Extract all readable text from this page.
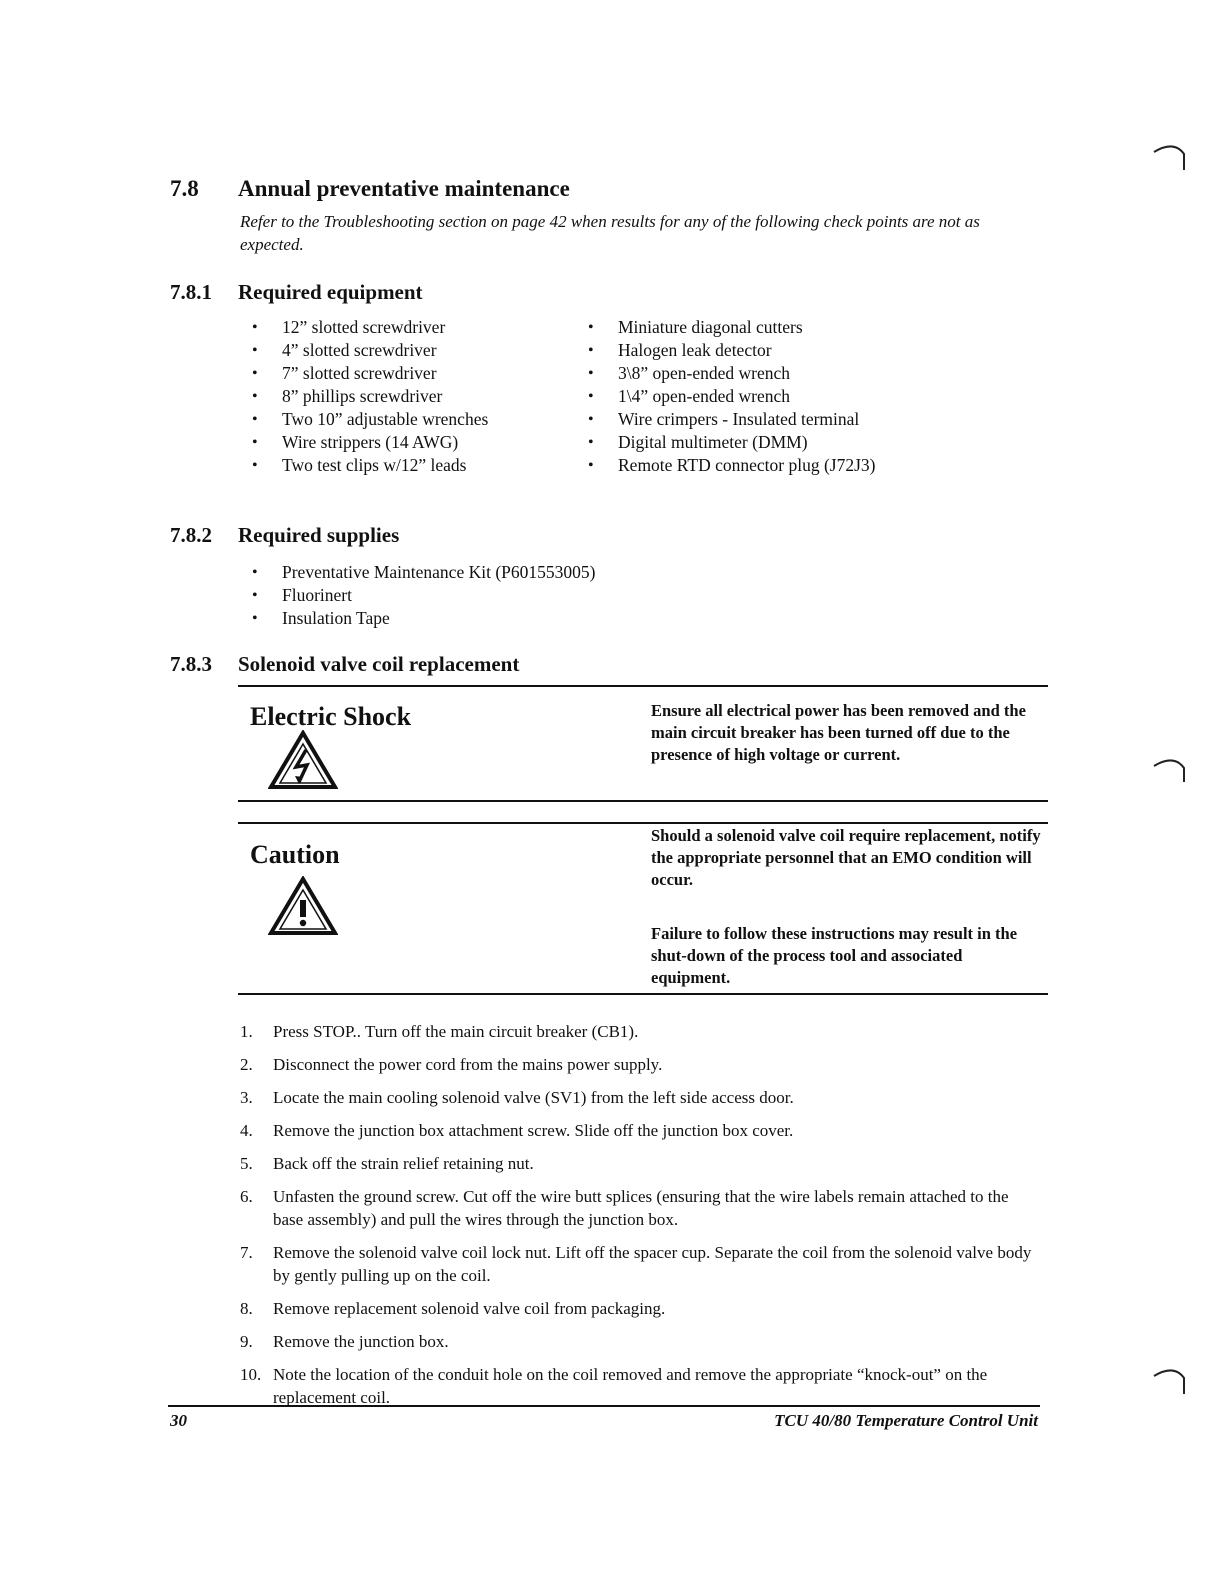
7.8 Annual preventative maintenance
Refer to the Troubleshooting section on page 42 when results for any of the following check points are not as expected.
7.8.1 Required equipment
• 12” slotted screwdriver
• 4” slotted screwdriver
• 7” slotted screwdriver
• 8” phillips screwdriver
• Two 10” adjustable wrenches
• Wire strippers (14 AWG)
• Two test clips w/12” leads
• Miniature diagonal cutters
• Halogen leak detector
• 3\8” open-ended wrench
• 1\4” open-ended wrench
• Wire crimpers - Insulated terminal
• Digital multimeter (DMM)
• Remote RTD connector plug (J72J3)
7.8.2 Required supplies
• Preventative Maintenance Kit (P601553005)
• Fluorinert
• Insulation Tape
7.8.3 Solenoid valve coil replacement
Electric Shock	Ensure all electrical power has been removed and the main circuit breaker has been turned off due to the presence of high voltage or current.
Caution
Should a solenoid valve coil require replacement, notify the appropriate personnel that an EMO condition will occur.
Failure to follow these instructions may result in the shut-down of the process tool and associated equipment.
1. Press STOP.. Turn off the main circuit breaker (CB1).
2. Disconnect the power cord from the mains power supply.
3. Locate the main cooling solenoid valve (SV1) from the left side access door.
4. Remove the junction box attachment screw. Slide off the junction box cover.
5. Back off the strain relief retaining nut.
6. Unfasten the ground screw. Cut off the wire butt splices (ensuring that the wire labels remain attached to the base assembly) and pull the wires through the junction box.
7. Remove the solenoid valve coil lock nut. Lift off the spacer cup. Separate the coil from the solenoid valve body by gently pulling up on the coil.
8. Remove replacement solenoid valve coil from packaging.
9. Remove the junction box.
10. Note the location of the conduit hole on the coil removed and remove the appropriate “knock-out” on the replacement coil.
30	TCU 40/80 Temperature Control Unit
